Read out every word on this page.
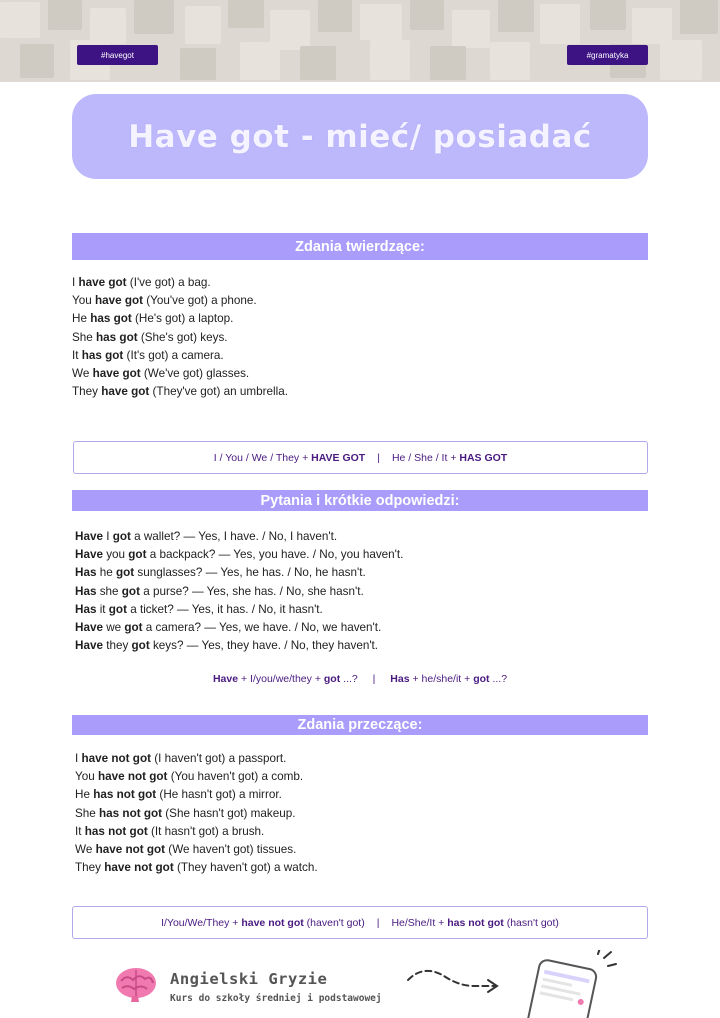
#havegot	#gramatyka
Have got - mieć/ posiadać
Zdania twierdzące:
I have got (I've got) a bag.
You have got (You've got) a phone.
He has got (He's got) a laptop.
She has got (She's got) keys.
It has got (It's got) a camera.
We have got (We've got) glasses.
They have got (They've got) an umbrella.
I / You / We / They + HAVE GOT	|	He / She / It + HAS GOT
Pytania i krótkie odpowiedzi:
Have I got a wallet? — Yes, I have. / No, I haven't.
Have you got a backpack? — Yes, you have. / No, you haven't.
Has he got sunglasses? — Yes, he has. / No, he hasn't.
Has she got a purse? — Yes, she has. / No, she hasn't.
Has it got a ticket? — Yes, it has. / No, it hasn't.
Have we got a camera? — Yes, we have. / No, we haven't.
Have they got keys? — Yes, they have. / No, they haven't.
Have + I/you/we/they + got ...? | Has + he/she/it + got ...?
Zdania przeczące:
I have not got (I haven't got) a passport.
You have not got (You haven't got) a comb.
He has not got (He hasn't got) a mirror.
She has not got (She hasn't got) makeup.
It has not got (It hasn't got) a brush.
We have not got (We haven't got) tissues.
They have not got (They haven't got) a watch.
I/You/We/They + have not got (haven't got)	|	He/She/It + has not got (hasn't got)
Angielski Gryzie
Kurs do szkoły średniej i podstawowej
